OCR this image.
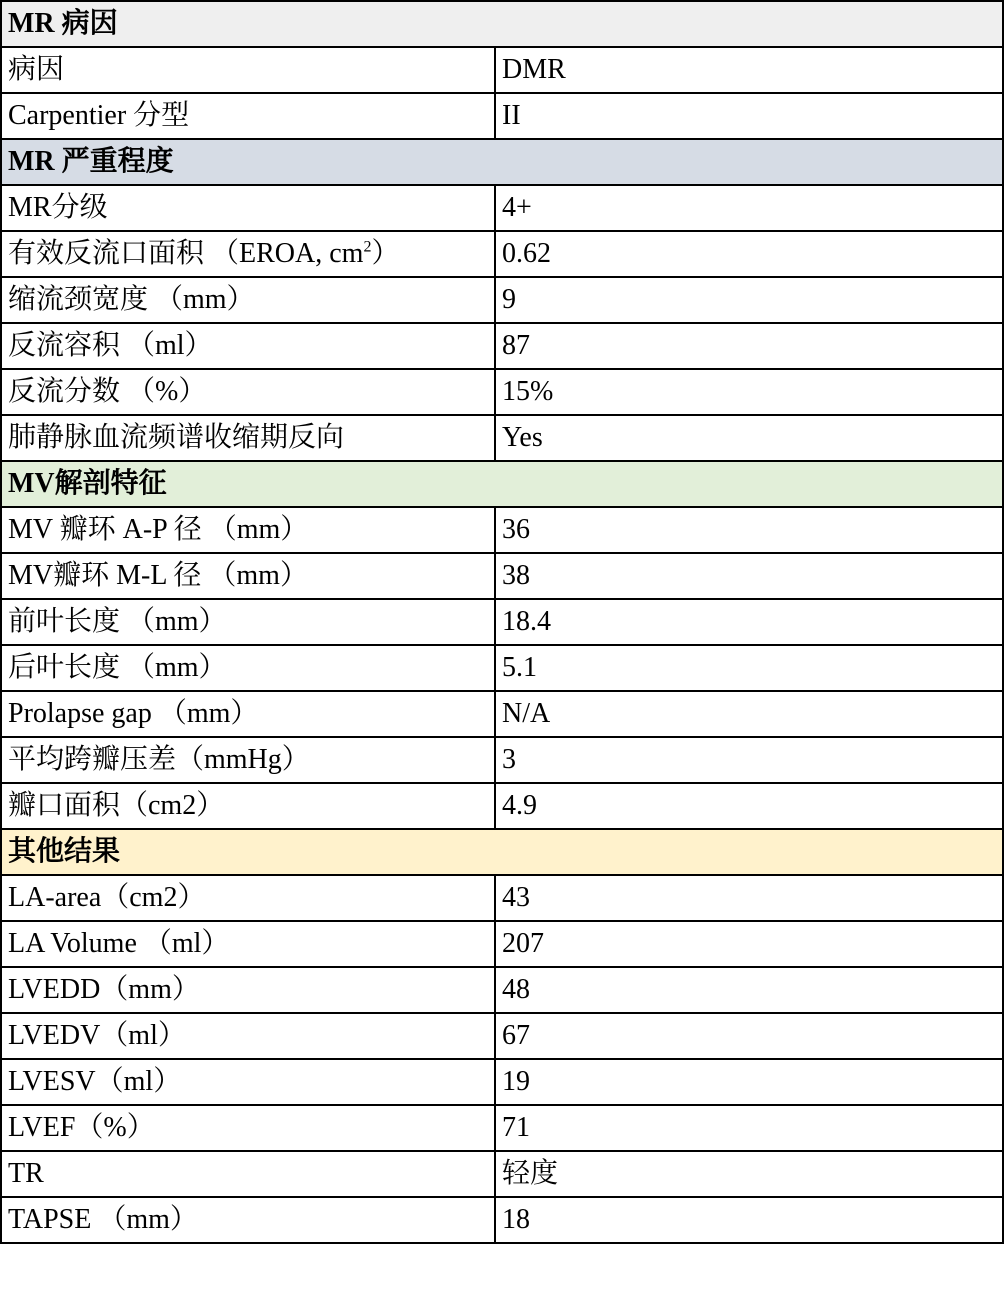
MR 病因	
病因	DMR
Carpentier 分型	II
MR 严重程度	
MR分级	4+
有效反流口面积 （EROA, $cm^2$）	0.62
缩流颈宽度 （mm）	9
反流容积 （ml）	87
反流分数 （%）	15%
肺静脉血流频谱收缩期反向	Yes
MV解剖特征	
MV 瓣环 A-P 径 （mm）	36
MV瓣环 M-L 径 （mm）	38
前叶长度 （mm）	18.4
后叶长度 （mm）	5.1
Prolapse gap （mm）	N/A
平均跨瓣压差（mmHg）	3
瓣口面积（cm2）	4.9
其他结果	
LA-area（cm2）	43
LA Volume （ml）	207
LVEDD（mm）	48
LVEDV（ml）	67
LVESV（ml）	19
LVEF（%）	71
TR	轻度
TAPSE （mm）	18
